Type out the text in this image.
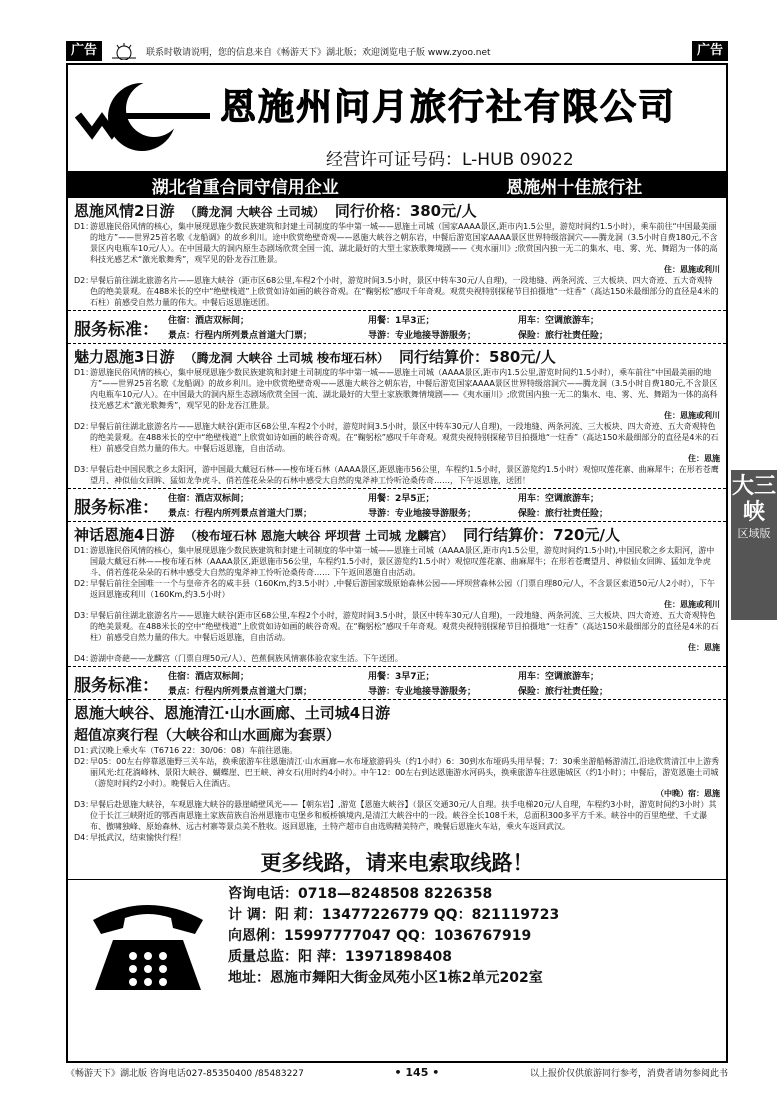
广告	联系时敬请说明，您的信息来自《畅游天下》湖北版；欢迎浏览电子版 www.zyoo.net	广告
恩施州问月旅行社有限公司
经营许可证号码：L-HUB 09022
湖北省重合同守信用企业	恩施州十佳旅行社
恩施风情2日游 （腾龙洞 大峡谷 土司城） 同行价格：380元/人
D1：
游恩施民俗风情的核心，集中展现恩施少数民族建筑和封建土司制度的华中第一城——恩施土司城（国家AAAA景区,距市内1.5公里，游览时间约1.5小时），乘车前往“中国最美丽的地方”——世界25首名歌《龙船调》的故乡利川。途中欣赏绝壁奇观——恩施大峡谷之朝东岩，中餐后游览国家AAAA景区世界特级溶洞穴——腾龙洞（3.5小时自费180元,不含景区内电瓶车10元/人）。在中国最大的洞内原生态剧场欣赏全国一流、湖北最好的大型土家族歌舞境剧——《夷水丽川》;欣赏国内独一无二的集水、电、雾、光、舞蹈为一体的高科技光感艺术“激光歌舞秀”，观罕见的卧龙吞江胜景。
住：恩施或利川
D2：
早餐后前往湖北旅游名片——恩施大峡谷（距市区68公里,车程2个小时，游览时间3.5小时，景区中转车30元/人自理)，一段地缝、两条河流、三大板块、四大奇迹、五大奇观特色的绝美景观。在488米长的空中“绝壁栈道”上欣赏如诗如画的峡谷奇观。在“鞠躬松”感叹千年奇观。观赏央视特别探秘节目拍摄地“一炷香”（高达150米最细部分的直径是4米的石柱）前感受自然力量的伟大。中餐后返恩施送团。
服务标准：	住宿：酒店双标间；	用餐：1早3正；	用车：空调旅游车；
景点：行程内所列景点首道大门票；	导游：专业地接导游服务；	保险：旅行社责任险；
魅力恩施3日游 （腾龙洞 大峡谷 土司城 梭布垭石林） 同行结算价：580元/人
D1：
游恩施民俗风情的核心，集中展现恩施少数民族建筑和封建土司制度的华中第一城——恩施土司城（AAAA景区,距市内1.5公里,游览时间约1.5小时），乘车前往“中国最美丽的地方”——世界25首名歌《龙船调》的故乡利川。途中欣赏绝壁奇观——恩施大峡谷之朝东岩，中餐后游览国家AAAA景区世界特级溶洞穴——腾龙洞（3.5小时自费180元,不含景区内电瓶车10元/人）。在中国最大的洞内原生态剧场欣赏全国一流、湖北最好的大型土家族歌舞情境剧——《夷水丽川》;欣赏国内独一无二的集水、电、雾、光、舞蹈为一体的高科技光感艺术“激光歌舞秀”，观罕见的卧龙吞江胜景。
住：恩施或利川
D2：
早餐后前往湖北旅游名片——恩施大峡谷(距市区68公里,车程2个小时，游览时间3.5小时，景区中转车30元/人自理)，一段地缝、两条河流、三大板块、四大奇迹、五大奇观特色的绝美景观。在488米长的空中“绝壁栈道”上欣赏如诗如画的峡谷奇观。在“鞠躬松”感叹千年奇观。观赏央视特别探秘节目拍摄地“一炷香”（高达150米最细部分的直径是4米的石柱）前感受自然力量的伟大。中餐后返恩施，自由活动。
住：恩施
D3：
早餐后赴中国民歌之乡太阳河，游中国最大戴冠石林——梭布垭石林（AAAA景区,距恩施市56公里，车程约1.5小时，景区游览约1.5小时）观惊叹莲花寨、曲麻犀牛；在形若苍鹰望月、神似仙女回眸、猛如龙争虎斗、俏若莲花朵朵的石林中感受大自然的鬼斧神工怜听沧桑传奇……，下午返恩施，送团！
服务标准：	住宿：酒店双标间；	用餐：2早5正；	用车：空调旅游车；
景点：行程内所列景点首道大门票；	导游：专业地接导游服务；	保险：旅行社责任险；
神话恩施4日游 （梭布垭石林 恩施大峡谷 坪坝营 土司城 龙麟宫） 同行结算价：720元/人
D1：
游恩施民俗风情的核心，集中展现恩施少数民族建筑和封建土司制度的华中第一城——恩施土司城（AAAA景区,距市内1.5公里，游览时间约1.5小时),中国民歌之乡太阳河，游中国最大戴冠石林——梭布垭石林（AAAA景区,距恩施市56公里，车程约1.5小时，景区游览约1.5小时）观惊叹莲花寨、曲麻犀牛；在形若苍鹰望月、神似仙女回眸、猛如龙争虎斗、俏若莲花朵朵的石林中感受大自然的鬼斧神工怜听沧桑传奇…… 下午返回恩施自由活动。
D2：
早餐后前往全国唯一一个与皇帝齐名的咸丰县（160Km,约3.5小时）,中餐后游国家级原始森林公园——坪坝营森林公园（门票自理80元/人，不含景区索道50元/人2小时），下午返回恩施或利川（160Km,约3.5小时）
住：恩施或利川
D3：
早餐后前往湖北旅游名片——恩施大峡谷(距市区68公里,车程2个小时，游览时间3.5小时，景区中转车30元/人自理)，一段地缝、两条河流、三大板块、四大奇迹、五大奇观特色的绝美景观。在488米长的空中“绝壁栈道”上欣赏如诗如画的峡谷奇观。在“鞠躬松”感叹千年奇观。观赏央视特别探秘节目拍摄地“一炷香”（高达150米最细部分的直径是4米的石柱）前感受自然力量的伟大。中餐后返恩施，自由活动。
住：恩施
D4：
游湖中奇葩——龙麟宫（门票自理50元/人）、芭蕉侗族风情寨体验农家生活。下午送团。
服务标准：	住宿：酒店双标间；	用餐：3早7正；	用车：空调旅游车；
景点：行程内所列景点首道大门票；	导游：专业地接导游服务；	保险：旅行社责任险；
恩施大峡谷、恩施清江·山水画廊、土司城4日游
超值凉爽行程（大峡谷和山水画廊为套票）
D1：
武汉晚上乘火车（T6716 22：30/06：08）车前往恩施。
D2：
早05：00左右停靠恩施野三关车站，换乘旅游车往恩施清江·山水画廊—水布垭旅游码头（约1小时）6：30到水布垭码头用早餐；7：30乘坐游船畅游清江,沿途欣赏清江中上游秀丽风光:红花淌峰林、景阳大峡谷、蝴蝶崖、巴王峡、神女石(用时约4小时）。中午12：00左右到达恩施游水河码头，换乘旅游车往恩施城区（约1小时）；中餐后，游览恩施土司城（游览时间约2小时）。晚餐后入住酒店。
（中晚）宿：恩施
D3：
早餐后赴恩施大峡谷，车观恩施大峡谷的悬崖峭壁风光——【朝东岩】,游览【恩施大峡谷】（景区交通30元/人自理。扶手电梯20元/人自理，车程约3小时，游览时间约3小时）其位于长江三峡附近的鄂西南恩施土家族苗族自治州恩施市屯堡乡和板桥镇境内,是清江大峡谷中的一段。峡谷全长108千米，总面积300多平方千米。峡谷中的百里绝壁、千丈瀑布、傲啸独峰、原始森林、远古村寨等景点美不胜收。返回恩施，土特产超市自由选购精美特产，晚餐后恩施火车站，乘火车返回武汉。
D4：
早抵武汉，结束愉快行程！
更多线路，请来电索取线路！
咨询电话：0718—8248508 8226358
计 调：阳 莉：13477226779 QQ：821119723
向恩俐：15997777047 QQ：1036767919
质量总监：阳 萍：13971898408
地址：恩施市舞阳大街金凤苑小区1栋2单元202室
大三峡
区域版
《畅游天下》湖北版 咨询电话027-85350400 /85483227	• 145 •	以上报价仅供旅游同行参考，消费者请勿参阅此书
